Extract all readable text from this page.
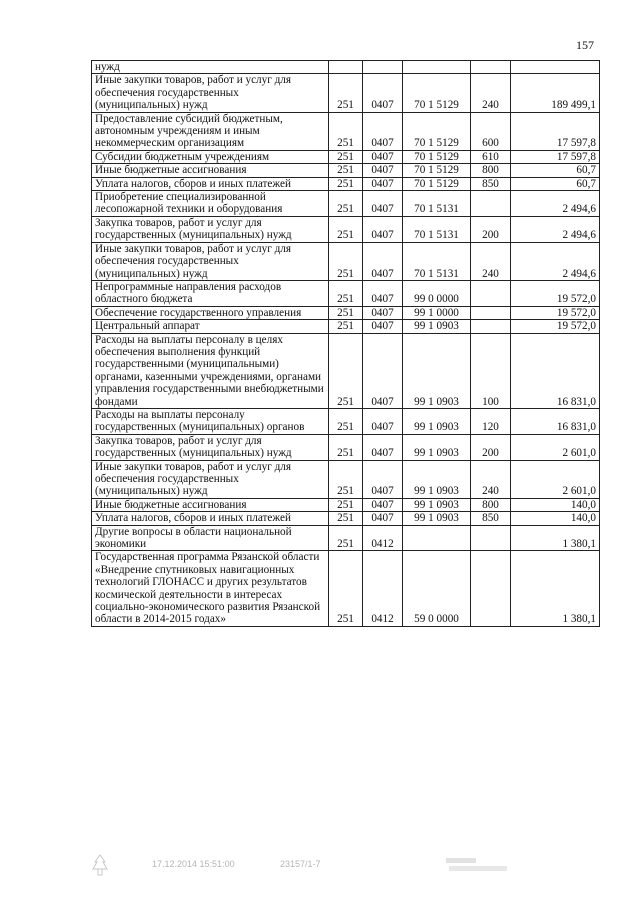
157
нужд					
Иные закупки товаров, работ и услуг для обеспечения государственных (муниципальных) нужд	251	0407	70 1 5129	240	189 499,1
Предоставление субсидий бюджетным, автономным учреждениям и иным некоммерческим организациям	251	0407	70 1 5129	600	17 597,8
Субсидии бюджетным учреждениям	251	0407	70 1 5129	610	17 597,8
Иные бюджетные ассигнования	251	0407	70 1 5129	800	60,7
Уплата налогов, сборов и иных платежей	251	0407	70 1 5129	850	60,7
Приобретение специализированной лесопожарной техники и оборудования	251	0407	70 1 5131		2 494,6
Закупка товаров, работ и услуг для государственных (муниципальных) нужд	251	0407	70 1 5131	200	2 494,6
Иные закупки товаров, работ и услуг для обеспечения государственных (муниципальных) нужд	251	0407	70 1 5131	240	2 494,6
Непрограммные направления расходов областного бюджета	251	0407	99 0 0000		19 572,0
Обеспечение государственного управления	251	0407	99 1 0000		19 572,0
Центральный аппарат	251	0407	99 1 0903		19 572,0
Расходы на выплаты персоналу в целях обеспечения выполнения функций государственными (муниципальными) органами, казенными учреждениями, органами управления государственными внебюджетными фондами	251	0407	99 1 0903	100	16 831,0
Расходы на выплаты персоналу государственных (муниципальных) органов	251	0407	99 1 0903	120	16 831,0
Закупка товаров, работ и услуг для государственных (муниципальных) нужд	251	0407	99 1 0903	200	2 601,0
Иные закупки товаров, работ и услуг для обеспечения государственных (муниципальных) нужд	251	0407	99 1 0903	240	2 601,0
Иные бюджетные ассигнования	251	0407	99 1 0903	800	140,0
Уплата налогов, сборов и иных платежей	251	0407	99 1 0903	850	140,0
Другие вопросы в области национальной экономики	251	0412			1 380,1
Государственная программа Рязанской области «Внедрение спутниковых навигационных технологий ГЛОНАСС и других результатов космической деятельности в интересах социально-экономического развития Рязанской области в 2014-2015 годах»	251	0412	59 0 0000		1 380,1
17.12.2014 15:51:00	23157/1-7
